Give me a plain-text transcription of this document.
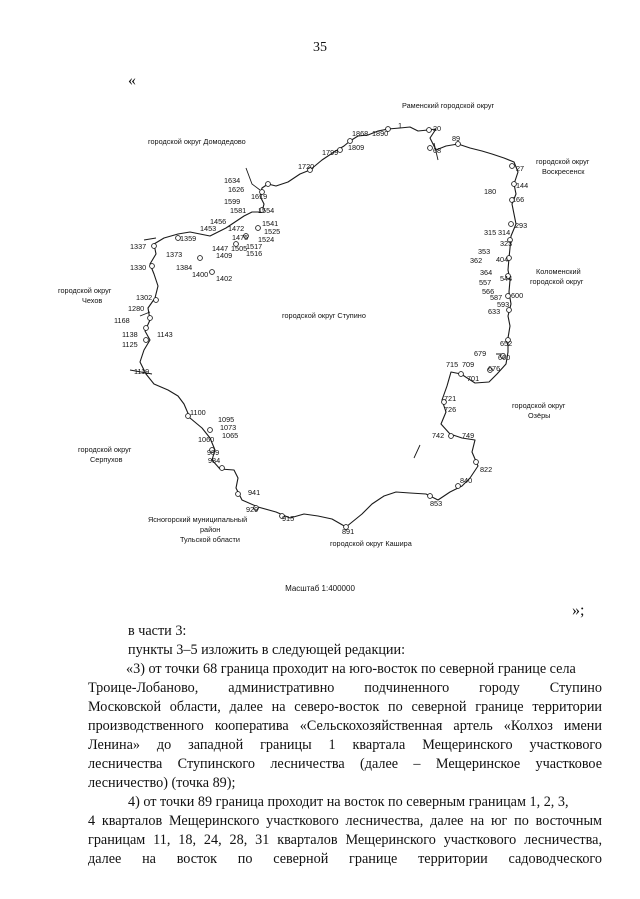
35
«
Раменский городской округ
городской округ Домодедово
городской округ
Воскресенск
Коломенский
городской округ
городской округ
Чехов
городской округ
Озёры
городской округ
Серпухов
Ясногорский муниципальный
район
Тульской области	городской округ Кашира
городской округ Ступино
1	20
27
68
89
144
166
180
293
314
315
323
353
362
364
404
544
557
566
587
593
600
633
652
660
676
679
701
709
715
721
726
742 749
822
840
853
891
915
929
941
984
989
1060 1065
1073
1095
1100
1119
1125
1138	1143
1168
1280
1302
1330
1337
1359
1373
1384
1400 1402
1409
1447
1453
1456
1472
1475
1505
1516
1517
1524
1525
1541
1554
1581
1599
1619
1626
1634
1720
1799
1809
1868 1890
Масштаб 1:400000
»;
в части 3:
пункты 3–5 изложить в следующей редакции:
«3) от точки 68 граница проходит на юго-восток по северной границе села
Троице-Лобаново, административно подчиненного городу Ступино
Московской области, далее на северо-восток по северной границе территории
производственного кооператива «Сельскохозяйственная артель «Колхоз имени
Ленина» до западной границы 1 квартала Мещеринского участкового
лесничества Ступинского лесничества (далее – Мещеринское участковое
лесничество) (точка 89);
4) от точки 89 граница проходит на восток по северным границам 1, 2, 3,
4 кварталов Мещеринского участкового лесничества, далее на юг по восточным
границам 11, 18, 24, 28, 31 кварталов Мещеринского участкового лесничества,
далее на восток по северной границе территории садоводческого
